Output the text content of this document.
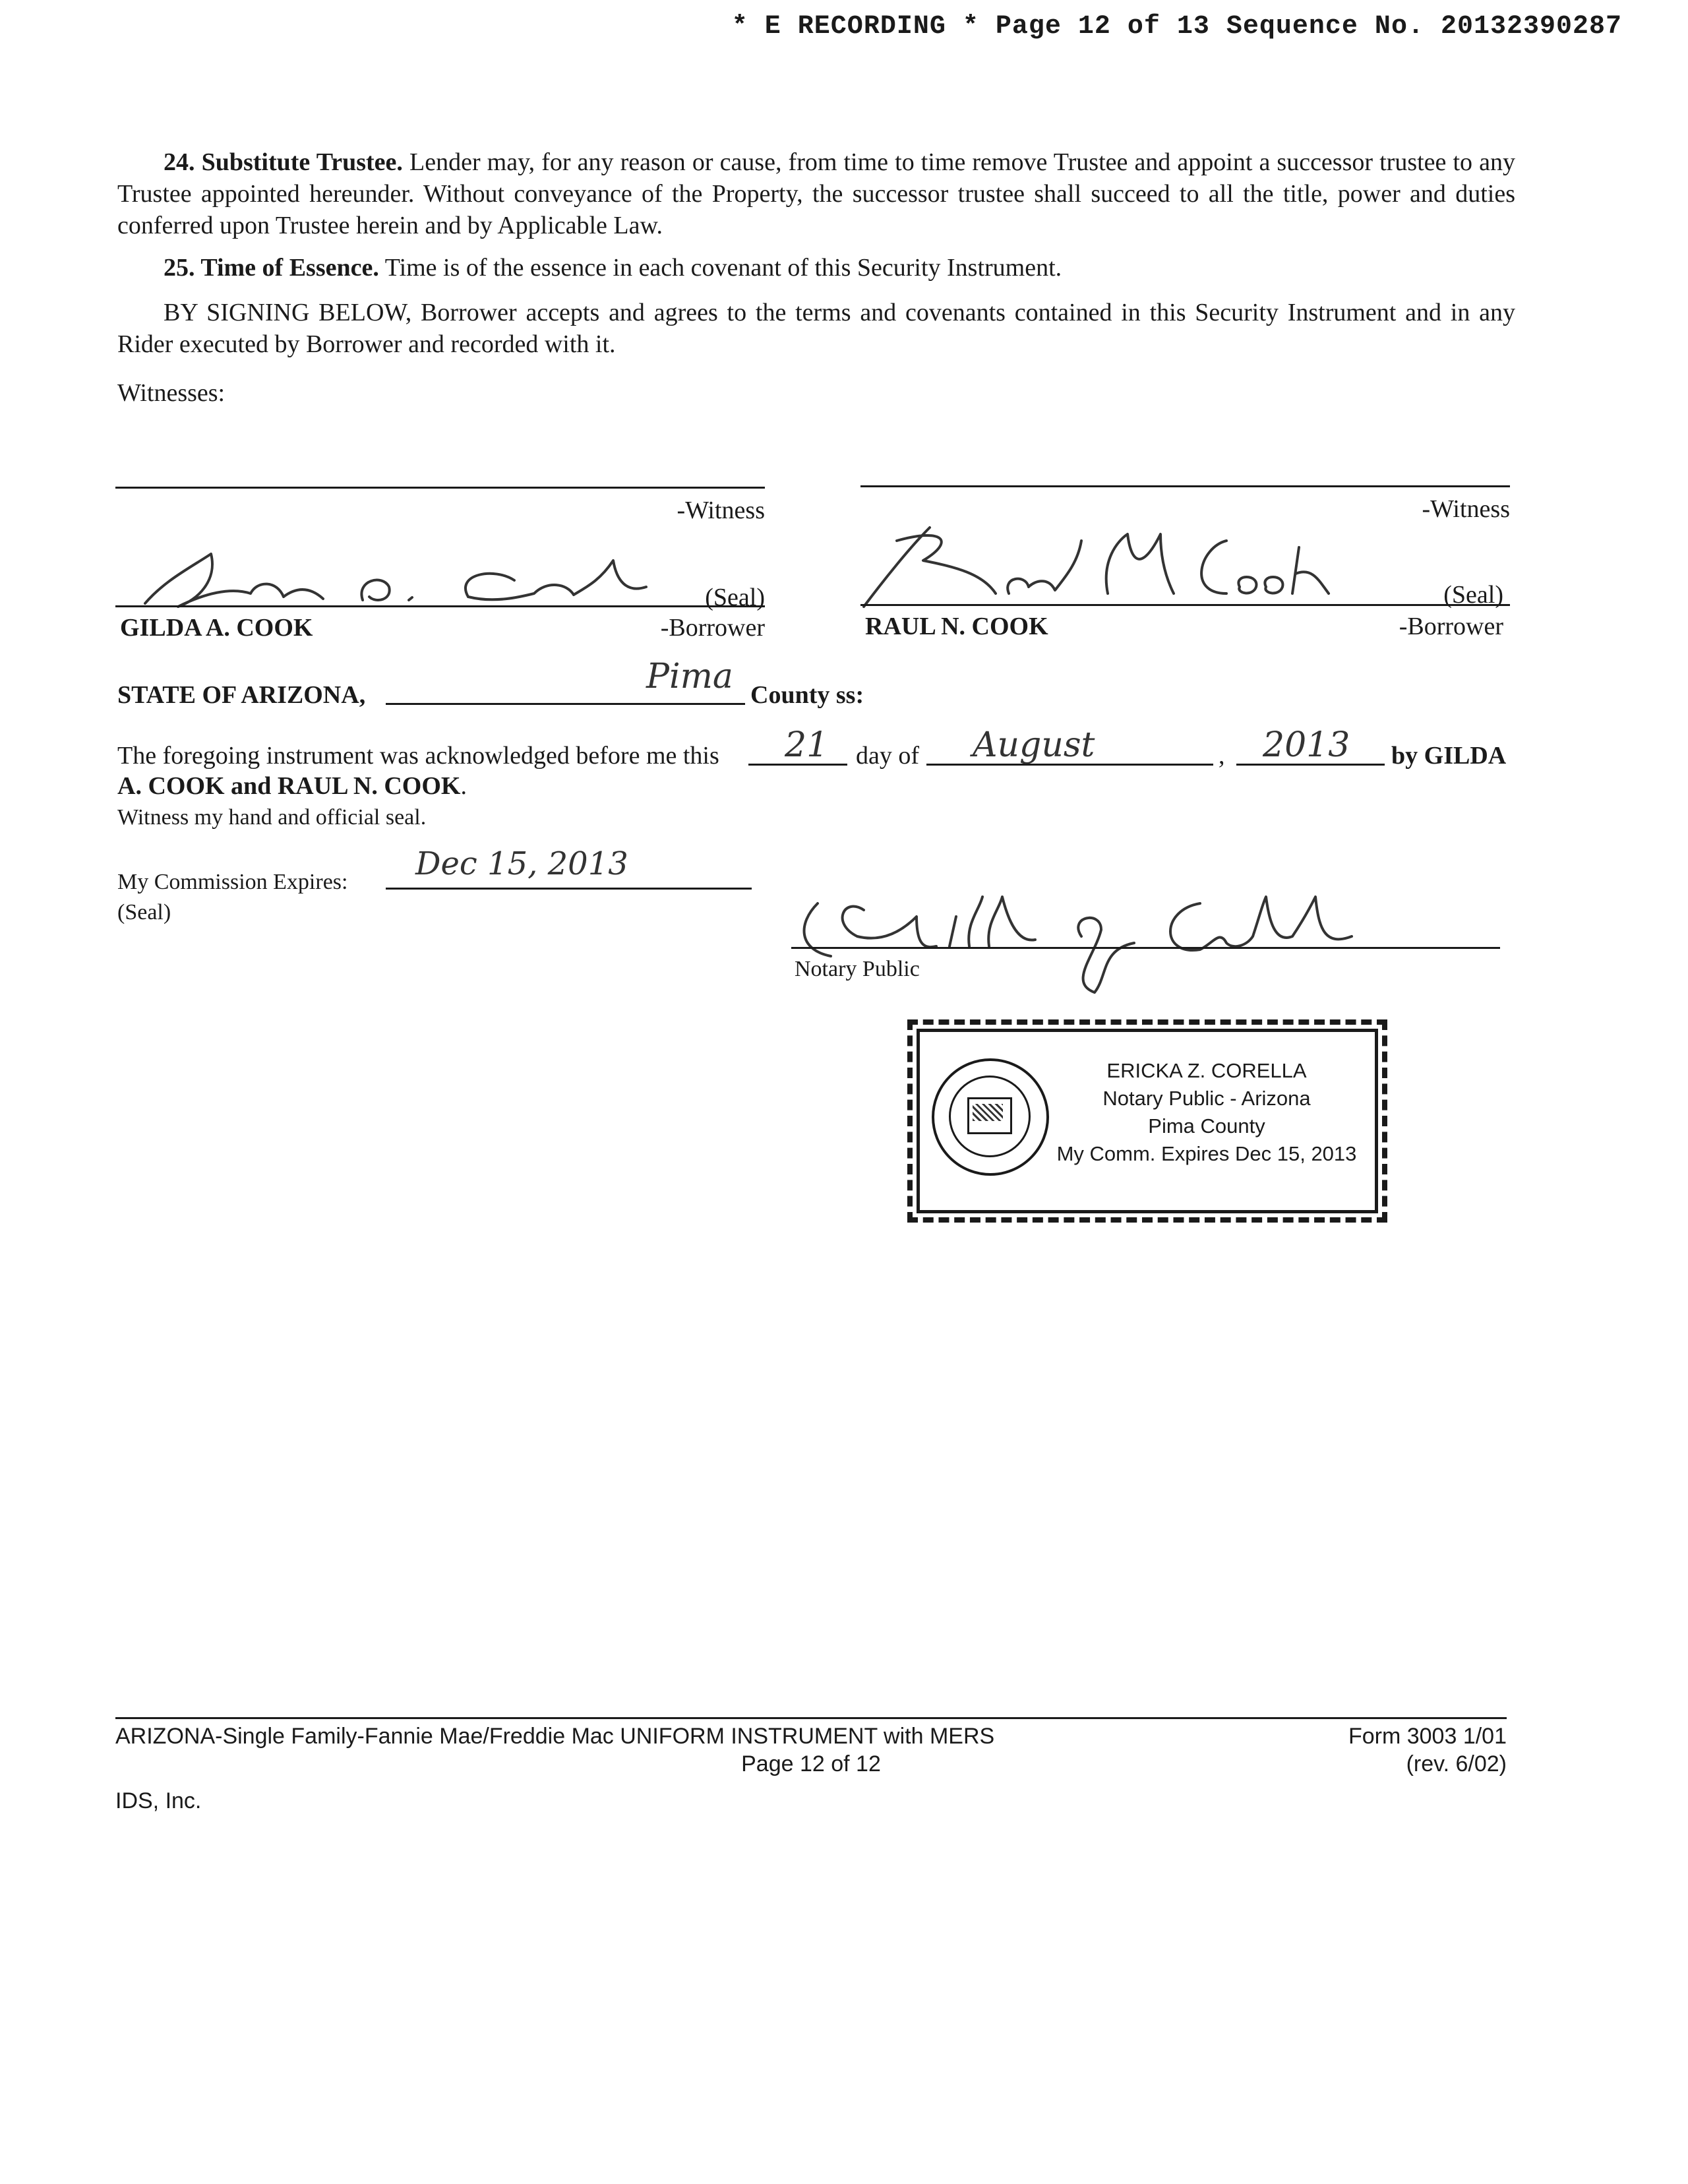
* E RECORDING * Page 12 of 13 Sequence No. 20132390287
24. Substitute Trustee. Lender may, for any reason or cause, from time to time remove Trustee and appoint a successor trustee to any Trustee appointed hereunder. Without conveyance of the Property, the successor trustee shall succeed to all the title, power and duties conferred upon Trustee herein and by Applicable Law.
25. Time of Essence. Time is of the essence in each covenant of this Security Instrument.
BY SIGNING BELOW, Borrower accepts and agrees to the terms and covenants contained in this Security Instrument and in any Rider executed by Borrower and recorded with it.
Witnesses:
-Witness	-Witness
(Seal)
GILDA A. COOK	-Borrower
(Seal)
RAUL N. COOK	-Borrower
STATE OF ARIZONA,	Pima County ss:
The foregoing instrument was acknowledged before me this 21 day of August	, 2013 by GILDA
A. COOK and RAUL N. COOK.
Witness my hand and official seal.
My Commission Expires: Dec 15, 2013
(Seal)
Notary Public
ERICKA Z. CORELLA
Notary Public - Arizona
Pima County
My Comm. Expires Dec 15, 2013
ARIZONA-Single Family-Fannie Mae/Freddie Mac UNIFORM INSTRUMENT with MERS
Page 12 of 12
Form 3003 1/01
(rev. 6/02)
IDS, Inc.
